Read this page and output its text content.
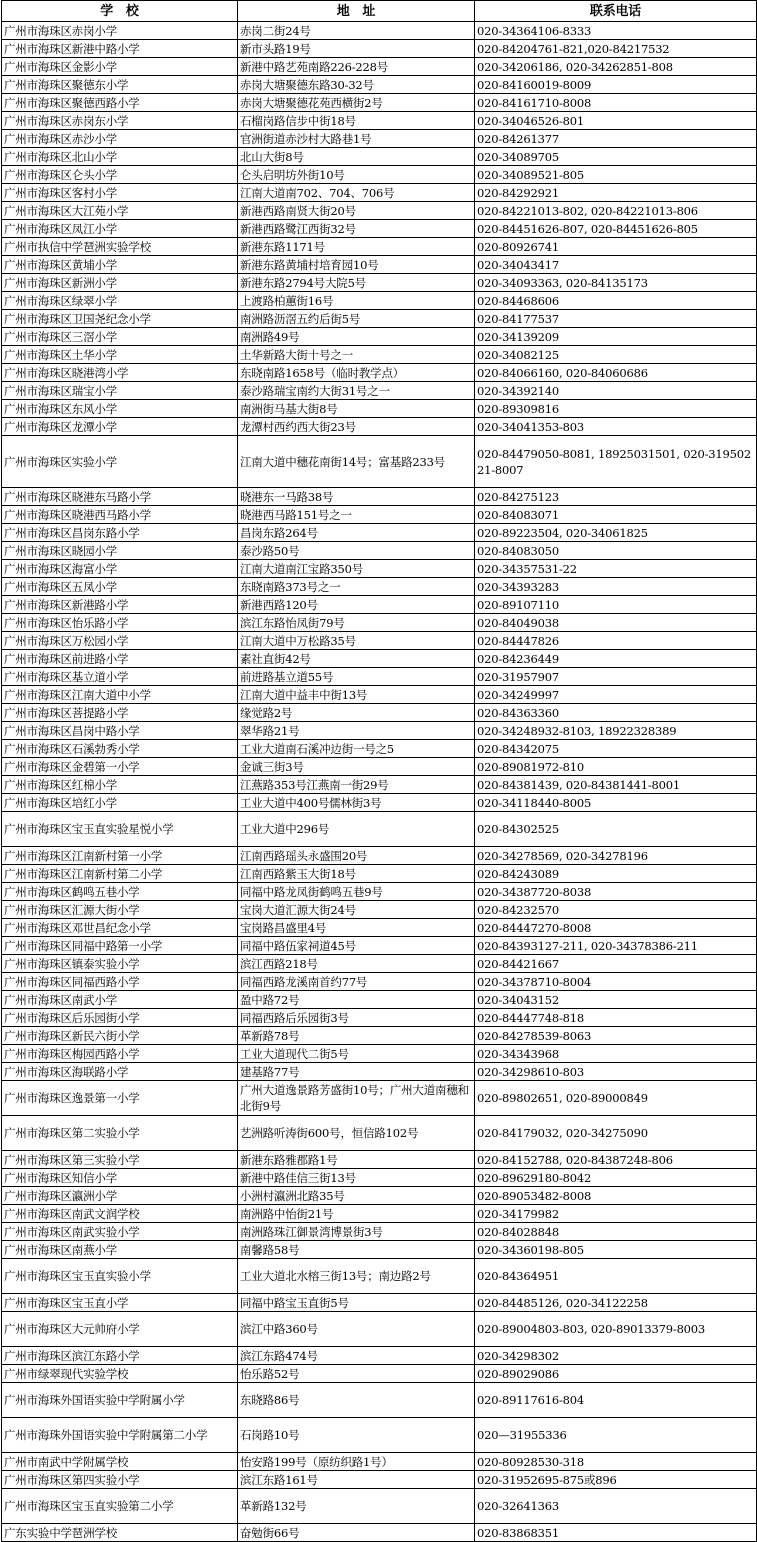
学　校	地　址	联系电话
广州市海珠区赤岗小学	赤岗二街24号	020-34364106-8333
广州市海珠区新港中路小学	新市头路19号	020-84204761-821,020-84217532
广州市海珠区金影小学	新港中路艺苑南路226-228号	020-34206186, 020-34262851-808
广州市海珠区聚德东小学	赤岗大塘聚德东路30-32号	020-84160019-8009
广州市海珠区聚德西路小学	赤岗大塘聚德花苑西横街2号	020-84161710-8008
广州市海珠区赤岗东小学	石榴岗路信步中街18号	020-34046526-801
广州市海珠区赤沙小学	官洲街道赤沙村大路巷1号	020-84261377
广州市海珠区北山小学	北山大街8号	020-34089705
广州市海珠区仑头小学	仑头启明坊外街10号	020-34089521-805
广州市海珠区客村小学	江南大道南702、704、706号	020-84292921
广州市海珠区大江苑小学	新港西路南贤大街20号	020-84221013-802, 020-84221013-806
广州市海珠区凤江小学	新港西路鹭江西街32号	020-84451626-807, 020-84451626-805
广州市执信中学琶洲实验学校	新港东路1171号	020-80926741
广州市海珠区黄埔小学	新港东路黄埔村培育园10号	020-34043417
广州市海珠区新洲小学	新港东路2794号大院5号	020-34093363, 020-84135173
广州市海珠区绿翠小学	上渡路柏蕙街16号	020-84468606
广州市海珠区卫国尧纪念小学	南洲路沥滘五约后街5号	020-84177537
广州市海珠区三滘小学	南洲路49号	020-34139209
广州市海珠区土华小学	土华新路大街十号之一	020-34082125
广州市海珠区晓港湾小学	东晓南路1658号（临时教学点）	020-84066160, 020-84060686
广州市海珠区瑞宝小学	泰沙路瑞宝南约大街31号之一	020-34392140
广州市海珠区东风小学	南洲街马基大街8号	020-89309816
广州市海珠区龙潭小学	龙潭村西约西大街23号	020-34041353-803
广州市海珠区实验小学	江南大道中穗花南街14号；富基路233号	020-84479050-8081, 18925031501, 020-31950221-8007
广州市海珠区晓港东马路小学	晓港东一马路38号	020-84275123
广州市海珠区晓港西马路小学	晓港西马路151号之一	020-84083071
广州市海珠区昌岗东路小学	昌岗东路264号	020-89223504, 020-34061825
广州市海珠区晓园小学	泰沙路50号	020-84083050
广州市海珠区海富小学	江南大道南江宝路350号	020-34357531-22
广州市海珠区五凤小学	东晓南路373号之一	020-34393283
广州市海珠区新港路小学	新港西路120号	020-89107110
广州市海珠区怡乐路小学	滨江东路怡凤街79号	020-84049038
广州市海珠区万松园小学	江南大道中万松路35号	020-84447826
广州市海珠区前进路小学	素社直街42号	020-84236449
广州市海珠区基立道小学	前进路基立道55号	020-31957907
广州市海珠区江南大道中小学	江南大道中益丰中街13号	020-34249997
广州市海珠区菩提路小学	缘觉路2号	020-84363360
广州市海珠区昌岗中路小学	翠华路21号	020-34248932-8103, 18922328389
广州市海珠区石溪勃秀小学	工业大道南石溪冲边街一号之5	020-84342075
广州市海珠区金碧第一小学	金诚三街3号	020-89081972-810
广州市海珠区红棉小学	江燕路353号江燕南一街29号	020-84381439, 020-84381441-8001
广州市海珠区培红小学	工业大道中400号儒林街3号	020-34118440-8005
广州市海珠区宝玉直实验星悦小学	工业大道中296号	020-84302525
广州市海珠区江南新村第一小学	江南西路瑶头永盛围20号	020-34278569, 020-34278196
广州市海珠区江南新村第二小学	江南西路紫玉大街18号	020-84243089
广州市海珠区鹤鸣五巷小学	同福中路龙凤街鹤鸣五巷9号	020-34387720-8038
广州市海珠区汇源大街小学	宝岗大道汇源大街24号	020-84232570
广州市海珠区邓世昌纪念小学	宝岗路昌盛里4号	020-84447270-8008
广州市海珠区同福中路第一小学	同福中路伍家祠道45号	020-84393127-211, 020-34378386-211
广州市海珠区镇泰实验小学	滨江西路218号	020-84421667
广州市海珠区同福西路小学	同福西路龙溪南首约77号	020-34378710-8004
广州市海珠区南武小学	盈中路72号	020-34043152
广州市海珠区后乐园街小学	同福西路后乐园街3号	020-84447748-818
广州市海珠区新民六街小学	革新路78号	020-84278539-8063
广州市海珠区梅园西路小学	工业大道现代二街5号	020-34343968
广州市海珠区海联路小学	建基路77号	020-34298610-803
广州市海珠区逸景第一小学	广州大道逸景路芳盛街10号；广州大道南穗和北街9号	020-89802651, 020-89000849
广州市海珠区第二实验小学	艺洲路听涛街600号，恒信路102号	020-84179032, 020-34275090
广州市海珠区第三实验小学	新港东路雅郡路1号	020-84152788, 020-84387248-806
广州市海珠区知信小学	新港中路佳信三街13号	020-89629180-8042
广州市海珠区瀛洲小学	小洲村瀛洲北路35号	020-89053482-8008
广州市海珠区南武文润学校	南洲路中怡街21号	020-34179982
广州市海珠区南武实验小学	南洲路珠江御景湾博景街3号	020-84028848
广州市海珠区南燕小学	南馨路58号	020-34360198-805
广州市海珠区宝玉直实验小学	工业大道北水榕三街13号；南边路2号	020-84364951
广州市海珠区宝玉直小学	同福中路宝玉直街5号	020-84485126, 020-34122258
广州市海珠区大元帅府小学	滨江中路360号	020-89004803-803, 020-89013379-8003
广州市海珠区滨江东路小学	滨江东路474号	020-34298302
广州市绿翠现代实验学校	怡乐路52号	020-89029086
广州市海珠外国语实验中学附属小学	东晓路86号	020-89117616-804
广州市海珠外国语实验中学附属第二小学	石岗路10号	020—31955336
广州市南武中学附属学校	怡安路199号（原纺织路1号）	020-80928530-318
广州市海珠区第四实验小学	滨江东路161号	020-31952695-875或896
广州市海珠区宝玉直实验第二小学	革新路132号	020-32641363
广东实验中学琶洲学校	奋勉街66号	020-83868351
